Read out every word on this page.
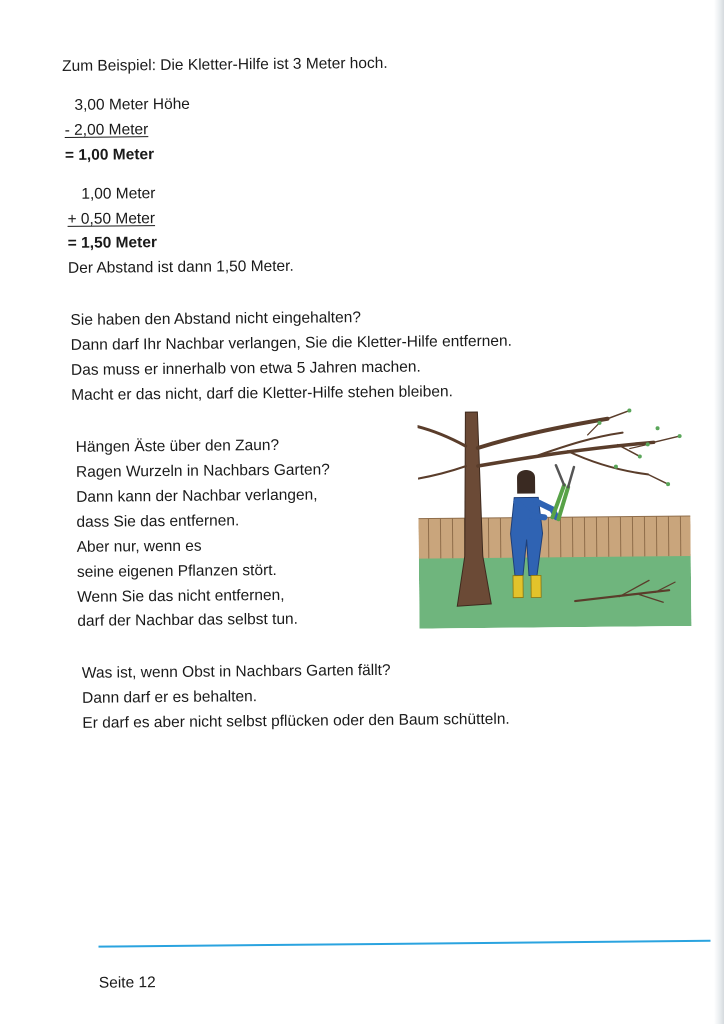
Zum Beispiel: Die Kletter-Hilfe ist 3 Meter hoch.
3,00 Meter Höhe
- 2,00 Meter
= 1,00 Meter
1,00 Meter
+ 0,50 Meter
= 1,50 Meter
Der Abstand ist dann 1,50 Meter.
Sie haben den Abstand nicht eingehalten?
Dann darf Ihr Nachbar verlangen, Sie die Kletter-Hilfe entfernen.
Das muss er innerhalb von etwa 5 Jahren machen.
Macht er das nicht, darf die Kletter-Hilfe stehen bleiben.
Hängen Äste über den Zaun?
Ragen Wurzeln in Nachbars Garten?
Dann kann der Nachbar verlangen,
dass Sie das entfernen.
Aber nur, wenn es
seine eigenen Pflanzen stört.
Wenn Sie das nicht entfernen,
darf der Nachbar das selbst tun.
Was ist, wenn Obst in Nachbars Garten fällt?
Dann darf er es behalten.
Er darf es aber nicht selbst pflücken oder den Baum schütteln.
Seite 12
